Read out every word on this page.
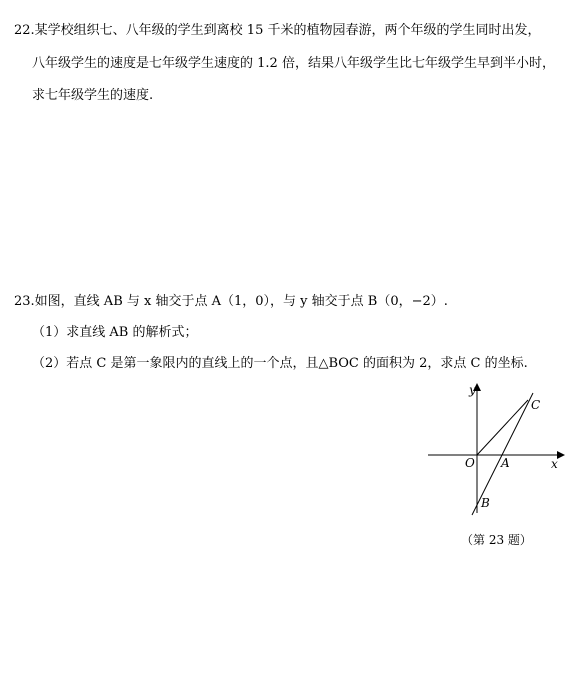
22.某学校组织七、八年级的学生到离校 15 千米的植物园春游，两个年级的学生同时出发，
八年级学生的速度是七年级学生速度的 1.2 倍，结果八年级学生比七年级学生早到半小时，
求七年级学生的速度.
23.如图，直线 AB 与 x 轴交于点 A（1，0），与 y 轴交于点 B（0，−2）.
（1）求直线 AB 的解析式；
（2）若点 C 是第一象限内的直线上的一个点，且△BOC 的面积为 2，求点 C 的坐标.
y
x
O A
B
C
（第 23 题）
